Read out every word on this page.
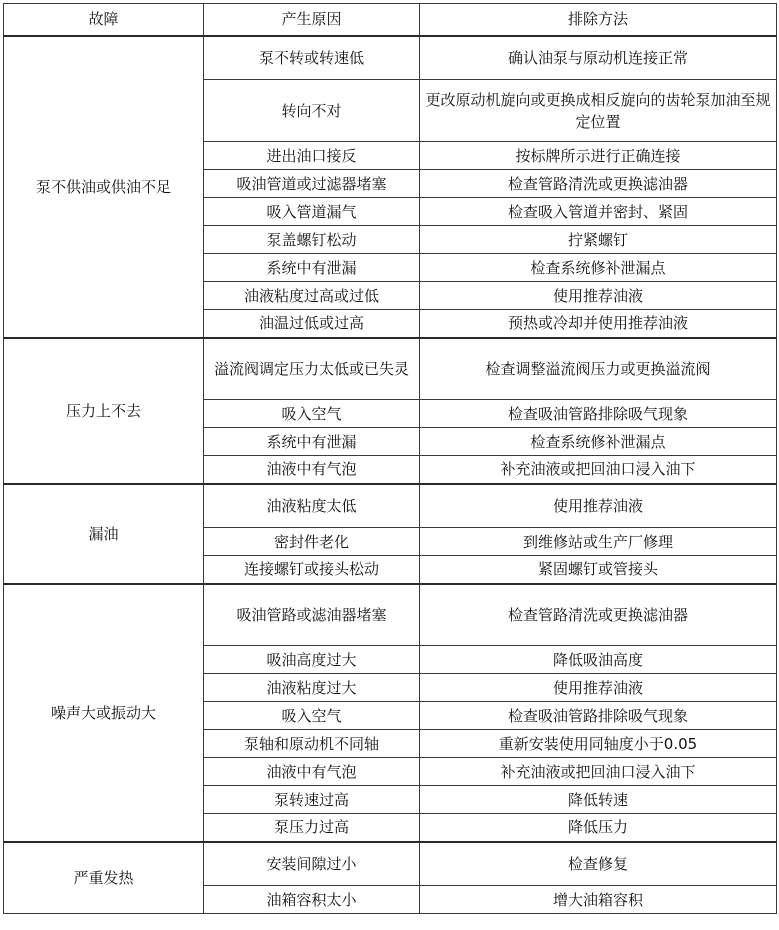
故障	产生原因	排除方法
泵不供油或供油不足	泵不转或转速低	确认油泵与原动机连接正常
	转向不对	更改原动机旋向或更换成相反旋向的齿轮泵加油至规定位置
	进出油口接反	按标牌所示进行正确连接
	吸油管道或过滤器堵塞	检查管路清洗或更换滤油器
	吸入管道漏气	检查吸入管道并密封、紧固
	泵盖螺钉松动	拧紧螺钉
	系统中有泄漏	检查系统修补泄漏点
	油液粘度过高或过低	使用推荐油液
	油温过低或过高	预热或冷却并使用推荐油液
压力上不去	溢流阀调定压力太低或已失灵	检查调整溢流阀压力或更换溢流阀
	吸入空气	检查吸油管路排除吸气现象
	系统中有泄漏	检查系统修补泄漏点
	油液中有气泡	补充油液或把回油口浸入油下
漏油	油液粘度太低	使用推荐油液
	密封件老化	到维修站或生产厂修理
	连接螺钉或接头松动	紧固螺钉或管接头
噪声大或振动大	吸油管路或滤油器堵塞	检查管路清洗或更换滤油器
	吸油高度过大	降低吸油高度
	油液粘度过大	使用推荐油液
	吸入空气	检查吸油管路排除吸气现象
	泵轴和原动机不同轴	重新安装使用同轴度小于0.05
	油液中有气泡	补充油液或把回油口浸入油下
	泵转速过高	降低转速
	泵压力过高	降低压力
严重发热	安装间隙过小	检查修复
	油箱容积太小	增大油箱容积
